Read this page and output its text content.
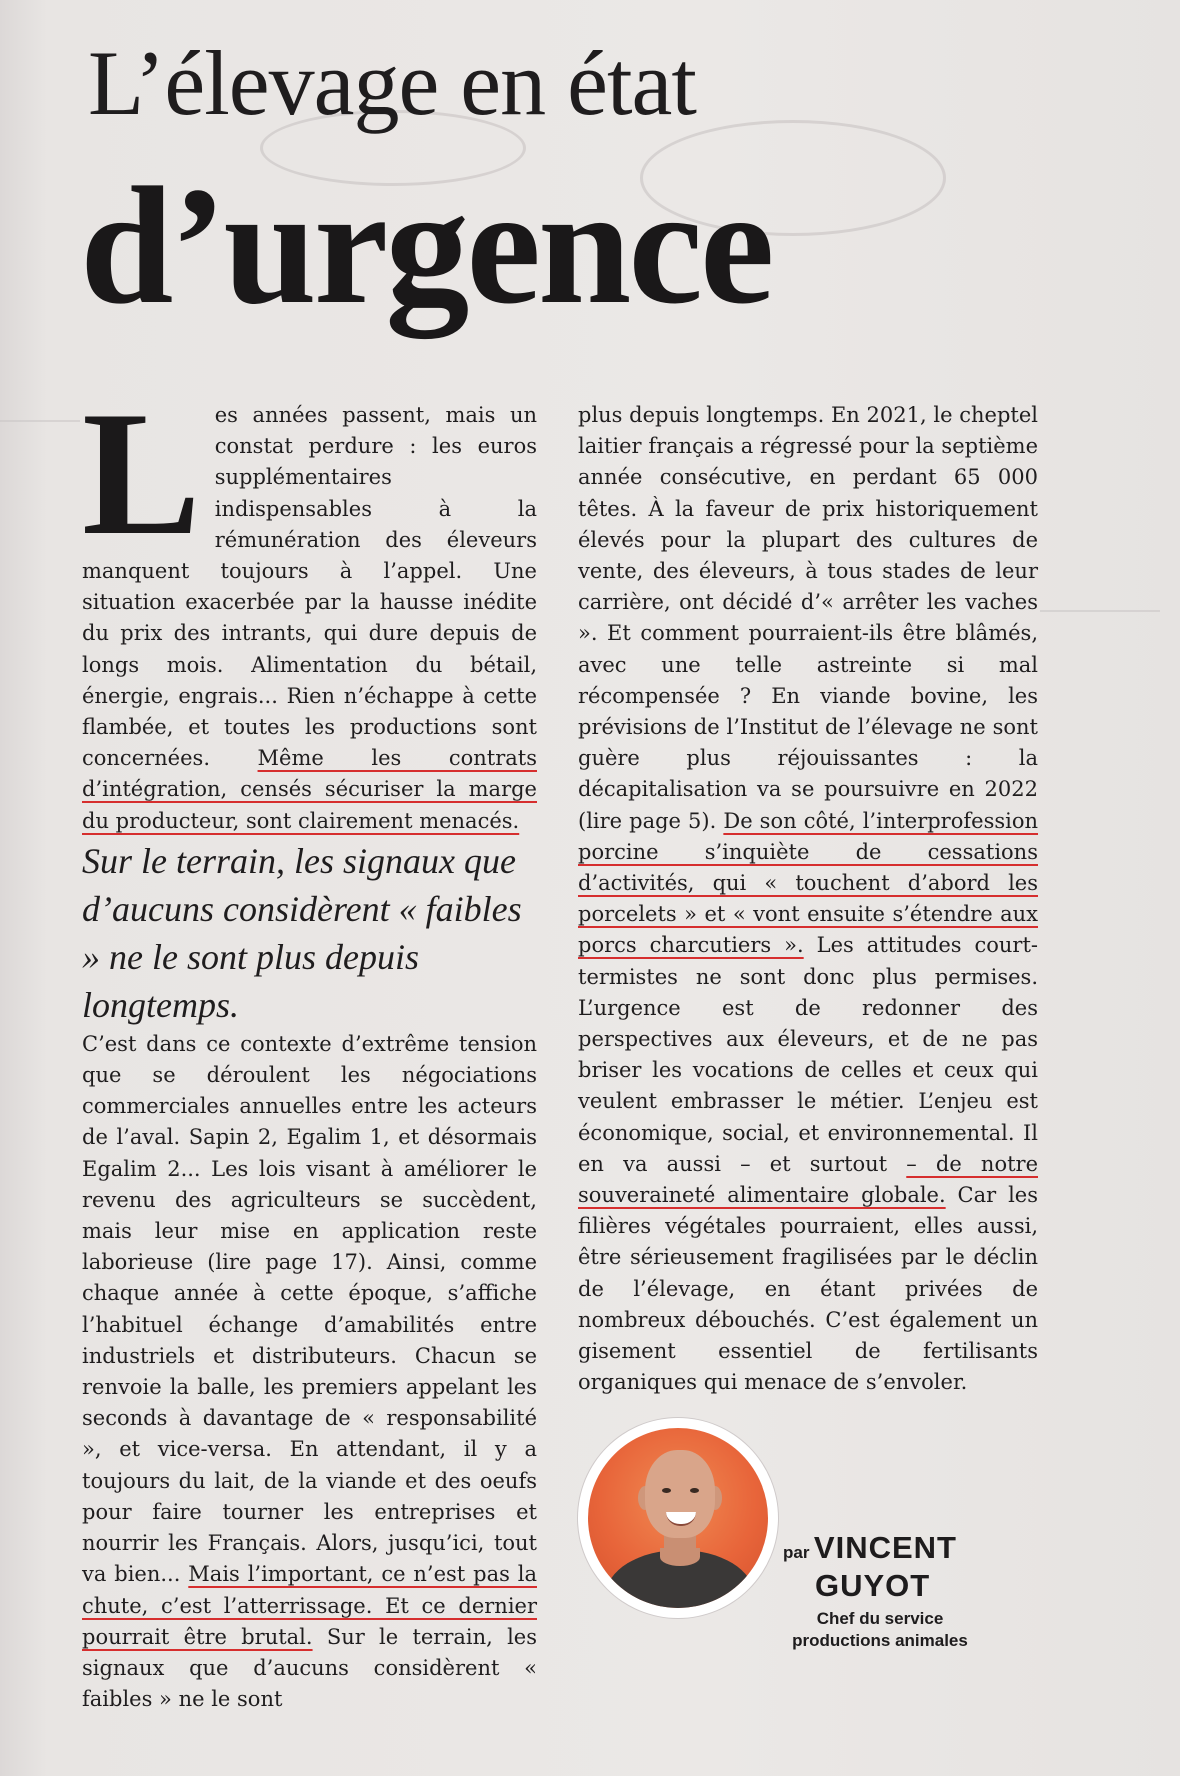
L’élevage en état
d’urgence

Les années passent, mais un constat perdure : les euros supplémentaires indispensables à la rémunération des éleveurs manquent toujours à l’appel. Une situation exacerbée par la hausse inédite du prix des intrants, qui dure depuis de longs mois. Alimentation du bétail, énergie, engrais... Rien n’échappe à cette flambée, et toutes les productions sont concernées. Même les contrats d’intégration, censés sécuriser la marge du producteur, sont clairement menacés.

Sur le terrain, les signaux que d’aucuns considèrent « faibles » ne le sont plus depuis longtemps.

C’est dans ce contexte d’extrême tension que se déroulent les négociations commerciales annuelles entre les acteurs de l’aval. Sapin 2, Egalim 1, et désormais Egalim 2... Les lois visant à améliorer le revenu des agriculteurs se succèdent, mais leur mise en application reste laborieuse (lire page 17). Ainsi, comme chaque année à cette époque, s’affiche l’habituel échange d’amabilités entre industriels et distributeurs. Chacun se renvoie la balle, les premiers appelant les seconds à davantage de « responsabilité », et vice-versa. En attendant, il y a toujours du lait, de la viande et des oeufs pour faire tourner les entreprises et nourrir les Français. Alors, jusqu’ici, tout va bien... Mais l’important, ce n’est pas la chute, c’est l’atterrissage. Et ce dernier pourrait être brutal. Sur le terrain, les signaux que d’aucuns considèrent « faibles » ne le sont

plus depuis longtemps. En 2021, le cheptel laitier français a régressé pour la septième année consécutive, en perdant 65 000 têtes. À la faveur de prix historiquement élevés pour la plupart des cultures de vente, des éleveurs, à tous stades de leur carrière, ont décidé d’« arrêter les vaches ». Et comment pourraient-ils être blâmés, avec une telle astreinte si mal récompensée ? En viande bovine, les prévisions de l’Institut de l’élevage ne sont guère plus réjouissantes : la décapitalisation va se poursuivre en 2022 (lire page 5). De son côté, l’interprofession porcine s’inquiète de cessations d’activités, qui « touchent d’abord les porcelets » et « vont ensuite s’étendre aux porcs charcutiers ». Les attitudes court-termistes ne sont donc plus permises. L’urgence est de redonner des perspectives aux éleveurs, et de ne pas briser les vocations de celles et ceux qui veulent embrasser le métier. L’enjeu est économique, social, et environnemental. Il en va aussi – et surtout – de notre souveraineté alimentaire globale. Car les filières végétales pourraient, elles aussi, être sérieusement fragilisées par le déclin de l’élevage, en étant privées de nombreux débouchés. C’est également un gisement essentiel de fertilisants organiques qui menace de s’envoler.

par VINCENT
GUYOT
Chef du service productions animales
